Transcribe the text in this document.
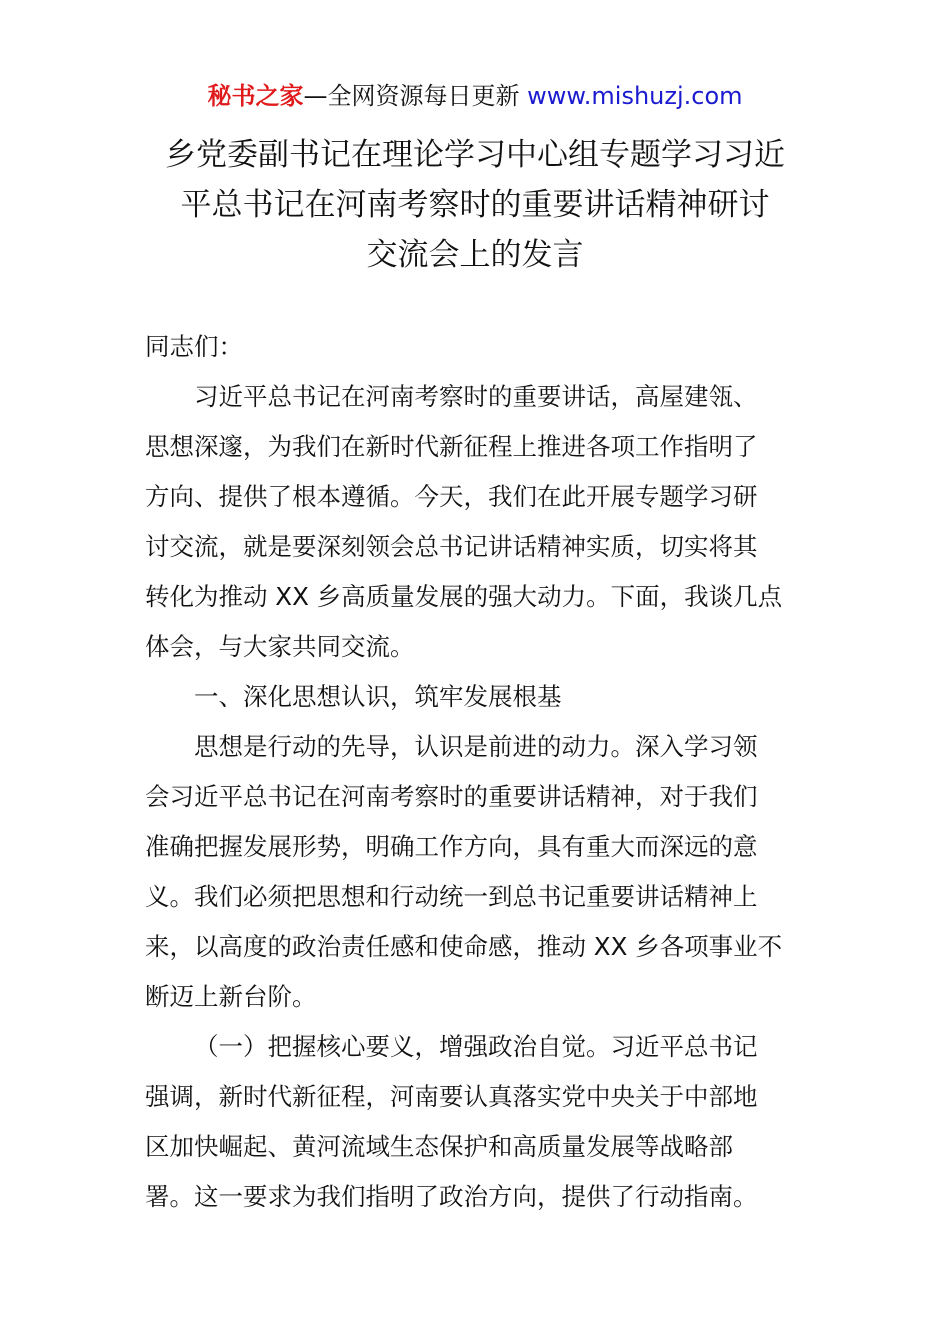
秘书之家—全网资源每日更新 www.mishuzj.com
乡党委副书记在理论学习中心组专题学习习近
平总书记在河南考察时的重要讲话精神研讨
交流会上的发言

同志们：

习近平总书记在河南考察时的重要讲话，高屋建瓴、

思想深邃，为我们在新时代新征程上推进各项工作指明了

方向、提供了根本遵循。今天，我们在此开展专题学习研

讨交流，就是要深刻领会总书记讲话精神实质，切实将其

转化为推动 XX 乡高质量发展的强大动力。下面，我谈几点

体会，与大家共同交流。

一、深化思想认识，筑牢发展根基

思想是行动的先导，认识是前进的动力。深入学习领

会习近平总书记在河南考察时的重要讲话精神，对于我们

准确把握发展形势，明确工作方向，具有重大而深远的意

义。我们必须把思想和行动统一到总书记重要讲话精神上

来，以高度的政治责任感和使命感，推动 XX 乡各项事业不

断迈上新台阶。

（一）把握核心要义，增强政治自觉。习近平总书记

强调，新时代新征程，河南要认真落实党中央关于中部地

区加快崛起、黄河流域生态保护和高质量发展等战略部

署。这一要求为我们指明了政治方向，提供了行动指南。
